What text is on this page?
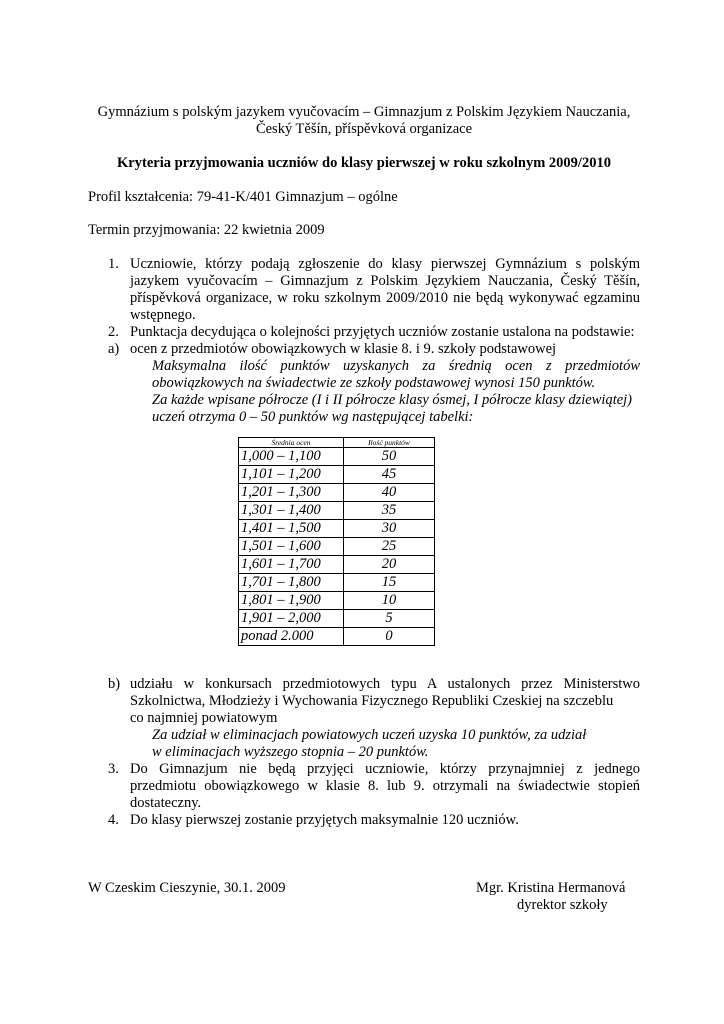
Gymnázium s polským jazykem vyučovacím – Gimnazjum z Polskim Językiem Nauczania,
Český Těšín, příspěvková organizace
Kryteria przyjmowania uczniów do klasy pierwszej w roku szkolnym 2009/2010
Profil kształcenia: 79-41-K/401 Gimnazjum – ogólne
Termin przyjmowania: 22 kwietnia 2009
1. Uczniowie, którzy podają zgłoszenie do klasy pierwszej Gymnázium s polským
jazykem vyučovacím – Gimnazjum z Polskim Językiem Nauczania, Český Těšín,
příspěvková organizace, w roku szkolnym 2009/2010 nie będą wykonywać egzaminu
wstępnego.
2. Punktacja decydująca o kolejności przyjętych uczniów zostanie ustalona na podstawie:
a) ocen z przedmiotów obowiązkowych w klasie 8. i 9. szkoły podstawowej
Maksymalna ilość punktów uzyskanych za średnią ocen z przedmiotów
obowiązkowych na świadectwie ze szkoły podstawowej wynosi 150 punktów.
Za każde wpisane półrocze (I i II półrocze klasy ósmej, I półrocze klasy dziewiątej)
uczeń otrzyma 0 – 50 punktów wg następującej tabelki:
Średnia ocen	Ilość punktów
1,000 – 1,100	50
1,101 – 1,200	45
1,201 – 1,300	40
1,301 – 1,400	35
1,401 – 1,500	30
1,501 – 1,600	25
1,601 – 1,700	20
1,701 – 1,800	15
1,801 – 1,900	10
1,901 – 2,000	5
ponad 2.000	0
b) udziału w konkursach przedmiotowych typu A ustalonych przez Ministerstwo
Szkolnictwa, Młodzieży i Wychowania Fizycznego Republiki Czeskiej na szczeblu
co najmniej powiatowym
Za udział w eliminacjach powiatowych uczeń uzyska 10 punktów, za udział
w eliminacjach wyższego stopnia – 20 punktów.
3. Do Gimnazjum nie będą przyjęci uczniowie, którzy przynajmniej z jednego
przedmiotu obowiązkowego w klasie 8. lub 9. otrzymali na świadectwie stopień
dostateczny.
4. Do klasy pierwszej zostanie przyjętych maksymalnie 120 uczniów.
W Czeskim Cieszynie, 30.1. 2009	Mgr. Kristina Hermanová
dyrektor szkoły
